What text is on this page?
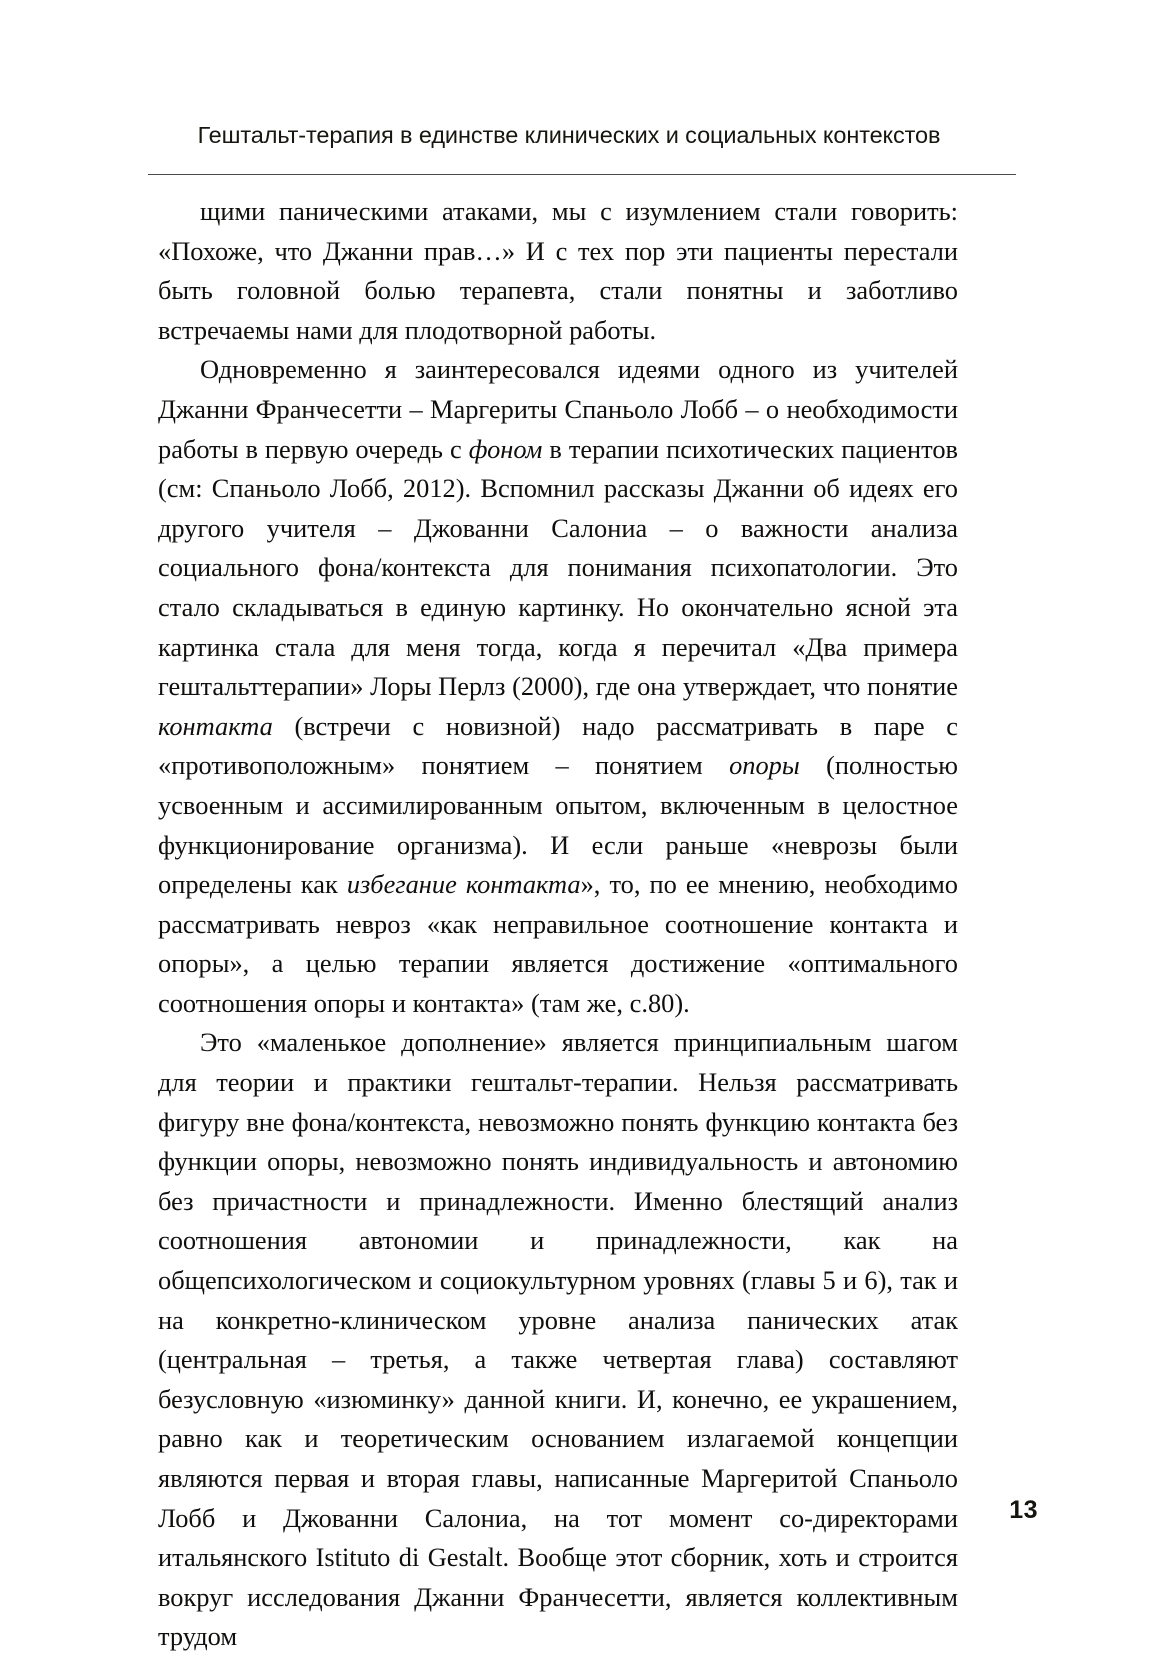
Гештальт-терапия в единстве клинических и социальных контекстов

щими паническими атаками, мы с изумлением стали говорить: «Похоже, что Джанни прав…» И с тех пор эти пациенты перестали быть головной болью терапевта, стали понятны и заботливо встречаемы нами для плодотворной работы.

Одновременно я заинтересовался идеями одного из учителей Джанни Франчесетти – Маргериты Спаньоло Лобб – о необходимости работы в первую очередь с фоном в терапии психотических пациентов (см: Спаньоло Лобб, 2012). Вспомнил рассказы Джанни об идеях его другого учителя – Джованни Салониа – о важности анализа социального фона/контекста для понимания психопатологии. Это стало складываться в единую картинку. Но окончательно ясной эта картинка стала для меня тогда, когда я перечитал «Два примера гештальттерапии» Лоры Перлз (2000), где она утверждает, что понятие контакта (встречи с новизной) надо рассматривать в паре с «противоположным» понятием – понятием опоры (полностью усвоенным и ассимилированным опытом, включенным в целостное функционирование организма). И если раньше «неврозы были определены как избегание контакта», то, по ее мнению, необходимо рассматривать невроз «как неправильное соотношение контакта и опоры», а целью терапии является достижение «оптимального соотношения опоры и контакта» (там же, с.80).

Это «маленькое дополнение» является принципиальным шагом для теории и практики гештальт-терапии. Нельзя рассматривать фигуру вне фона/контекста, невозможно понять функцию контакта без функции опоры, невозможно понять индивидуальность и автономию без причастности и принадлежности. Именно блестящий анализ соотношения автономии и принадлежности, как на общепсихологическом и социокультурном уровнях (главы 5 и 6), так и на конкретно-клиническом уровне анализа панических атак (центральная – третья, а также четвертая глава) составляют безусловную «изюминку» данной книги. И, конечно, ее украшением, равно как и теоретическим основанием излагаемой концепции являются первая и вторая главы, написанные Маргеритой Спаньоло Лобб и Джованни Салониа, на тот момент со-директорами итальянского Istituto di Gestalt. Вообще этот сборник, хоть и строится вокруг исследования Джанни Франчесетти, является коллективным трудом

13
